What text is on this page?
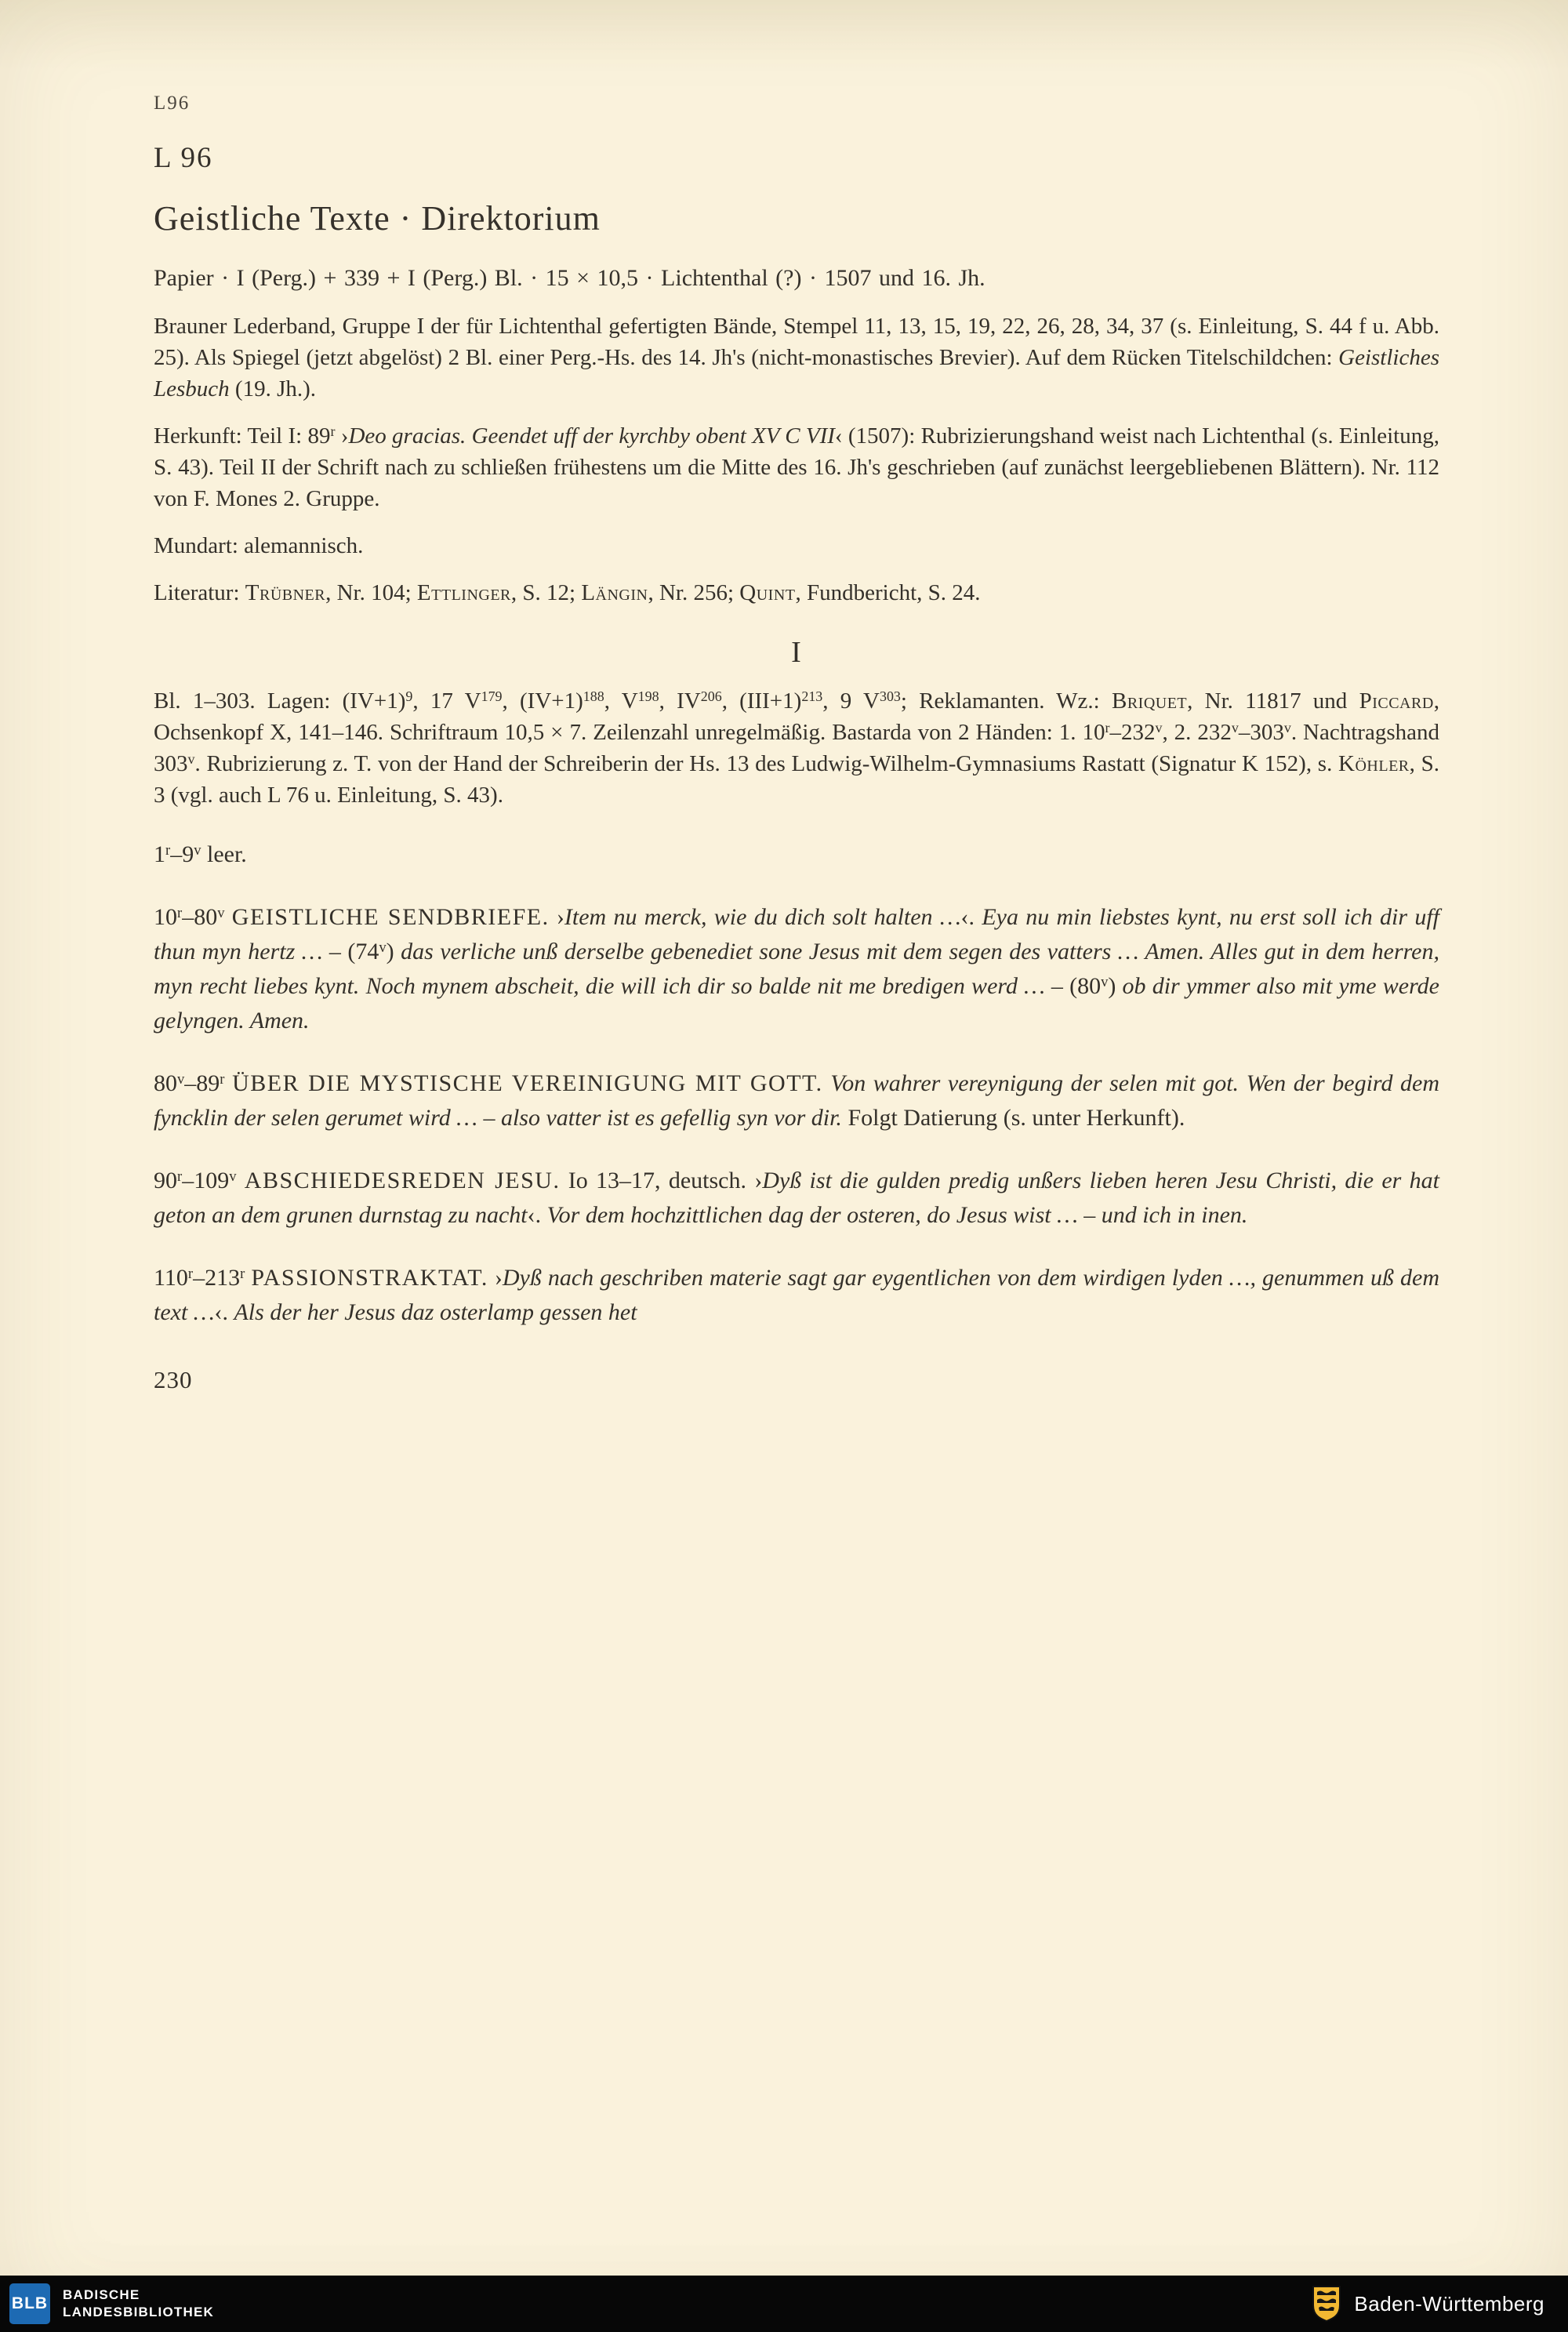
L96
L 96
Geistliche Texte · Direktorium

Papier · I (Perg.) + 339 + I (Perg.) Bl. · 15 × 10,5 · Lichtenthal (?) · 1507 und 16. Jh.

Brauner Lederband, Gruppe I der für Lichtenthal gefertigten Bände, Stempel 11, 13, 15, 19, 22, 26, 28, 34, 37 (s. Einleitung, S. 44 f u. Abb. 25). Als Spiegel (jetzt abgelöst) 2 Bl. einer Perg.-Hs. des 14. Jh's (nicht-monastisches Brevier). Auf dem Rücken Titelschildchen: Geistliches Lesbuch (19. Jh.).

Herkunft: Teil I: 89$^r$ ›Deo gracias. Geendet uff der kyrchby obent XV C VII‹ (1507): Rubrizierungshand weist nach Lichtenthal (s. Einleitung, S. 43). Teil II der Schrift nach zu schließen frühestens um die Mitte des 16. Jh's geschrieben (auf zunächst leergebliebenen Blättern). Nr. 112 von F. Mones 2. Gruppe.

Mundart: alemannisch.

Literatur: Trübner, Nr. 104; Ettlinger, S. 12; Längin, Nr. 256; Quint, Fundbericht, S. 24.

I

Bl. 1–303. Lagen: $(IV+1)^9$, 17 $V^{179}$, $(IV+1)^{188}$, $V^{198}$, IV$^{206}$, $(III+1)^{213}$, 9 $V^{303}$; Reklamanten. Wz.: Briquet, Nr. 11817 und Piccard, Ochsenkopf X, 141–146. Schriftraum 10,5 × 7. Zeilenzahl unregelmäßig. Bastarda von 2 Händen: 1. 10$^r$–232$^v$, 2. 232$^v$–303$^v$. Nachtragshand 303$^v$. Rubrizierung z. T. von der Hand der Schreiberin der Hs. 13 des Ludwig-Wilhelm-Gymnasiums Rastatt (Signatur K 152), s. Köhler, S. 3 (vgl. auch L 76 u. Einleitung, S. 43).

1$^r$–9$^v$ leer.

10$^r$–80$^v$ GEISTLICHE SENDBRIEFE. ›Item nu merck, wie du dich solt halten …‹. Eya nu min liebstes kynt, nu erst soll ich dir uff thun myn hertz … – (74$^v$) das verliche unß derselbe gebenediet sone Jesus mit dem segen des vatters … Amen. Alles gut in dem herren, myn recht liebes kynt. Noch mynem abscheit, die will ich dir so balde nit me bredigen werd … – (80$^v$) ob dir ymmer also mit yme werde gelyngen. Amen.

80$^v$–89$^r$ ÜBER DIE MYSTISCHE VEREINIGUNG MIT GOTT. Von wahrer vereynigung der selen mit got. Wen der begird dem fyncklin der selen gerumet wird … – also vatter ist es gefellig syn vor dir. Folgt Datierung (s. unter Herkunft).

90$^r$–109$^v$ ABSCHIEDESREDEN JESU. Io 13–17, deutsch. ›Dyß ist die gulden predig unßers lieben heren Jesu Christi, die er hat geton an dem grunen durnstag zu nacht‹. Vor dem hochzittlichen dag der osteren, do Jesus wist … – und ich in inen.

110$^r$–213$^r$ PASSIONSTRAKTAT. ›Dyß nach geschriben materie sagt gar eygentlichen von dem wirdigen lyden …, genummen uß dem text …‹. Als der her Jesus daz osterlamp gessen het

230
BLB BADISCHE
LANDESBIBLIOTHEK	Baden-Württemberg
